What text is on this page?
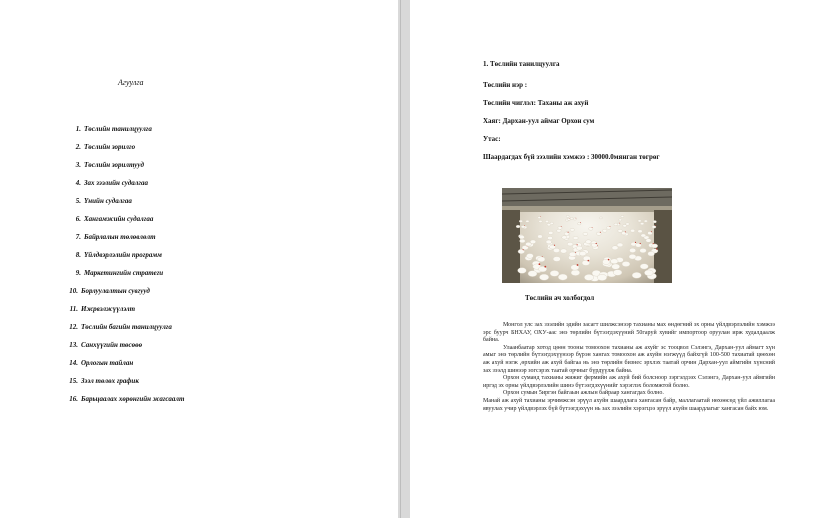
Агуулга
1. Төслийн танилцуулга
2. Төслийн зорилго
3. Төслийн зорилтууд
4. Зах зээлийн судалгаа
5. Үнийн судалгаа
6. Хангамжийн судалгаа
7. Байрлалын төлөвлөлт
8. Үйлдвэрлэлийн программ
9. Маркетингийн стратеги
10. Борлуулалтын сувгууд
11. Ижрвэлжүүлэлт
12. Төслийн багийн танилцуулга
13. Санхүүгийн төсөөө
14. Орлогын тайлан
15. Зээл төлөх график
16. Барьцаалах хөрөнгийн жагсаалт
1. Төслийн танилцуулга
Төслийн нэр :
Төслийн чиглэл: Таханы аж ахуй
Хаяг: Дархан-уул аймаг Орхон сум
Утас:
Шаардагдах бүй зээлийн хэмжээ : 30000.0мянган төгрөг
Төслийн ач холбогдол

Монгол улс зах зээлийн эдийн засагт шилжсэнээр тахианы мах өндөгний эх орны үйлдвэрлэлийн хэмжээ эрс буурч БНХАУ, ОХУ-аас энэ төрлийн бүтээгдэхүүний 50гаруй хувийг импортоор оруулан ирж худалдаалж байна.

Улаанбаатар хотод цөөн тооны томоохон тахианы аж ахуйг эс тооцвол Сэлэнгэ, Дархан-уул аймагт хүн амыг энэ төрлийн бүтээгдэхүүнээр бүрэн хангах томоохон аж ахуйн нэгжүүд байхгүй 100-500 тахиатай цөөхөн аж ахуй нэгж ,өрхийн аж ахуй байгаа нь энэ төрлийн бизнес эрхлэх таатай орчин Дархан-уул аймгийн хүнсний зах зээлд шинээр зогсэрэх таатай орчныг бүрдүүлж байна.

Орхон суманд тахианы жижиг фермийн аж ахуй бий болсноор зэргэлдээх Сэлэнгэ, Дархан-уул аймгийн иргэд эх орны үйлдвэрлэлийн шинэ бүтээгдэхүүнийг хэрэглэх боломжтой болно.

Орхон сумын 5иргэн байгаын ажлын байраар хангагдах болно.

Манай аж ахуй тахианы эрчимжсэн эрүүл ахуйн шаардлага хангасан байр, маллагаатай нөхөөсөд үйл ажиллагаа явуулах учир үйлдвэрлэх бүй бүтээгдэхүүн нь зах зээлийн хэрэгцээ эрүүл ахуйн шаардлагыг хангасан байх юм.
